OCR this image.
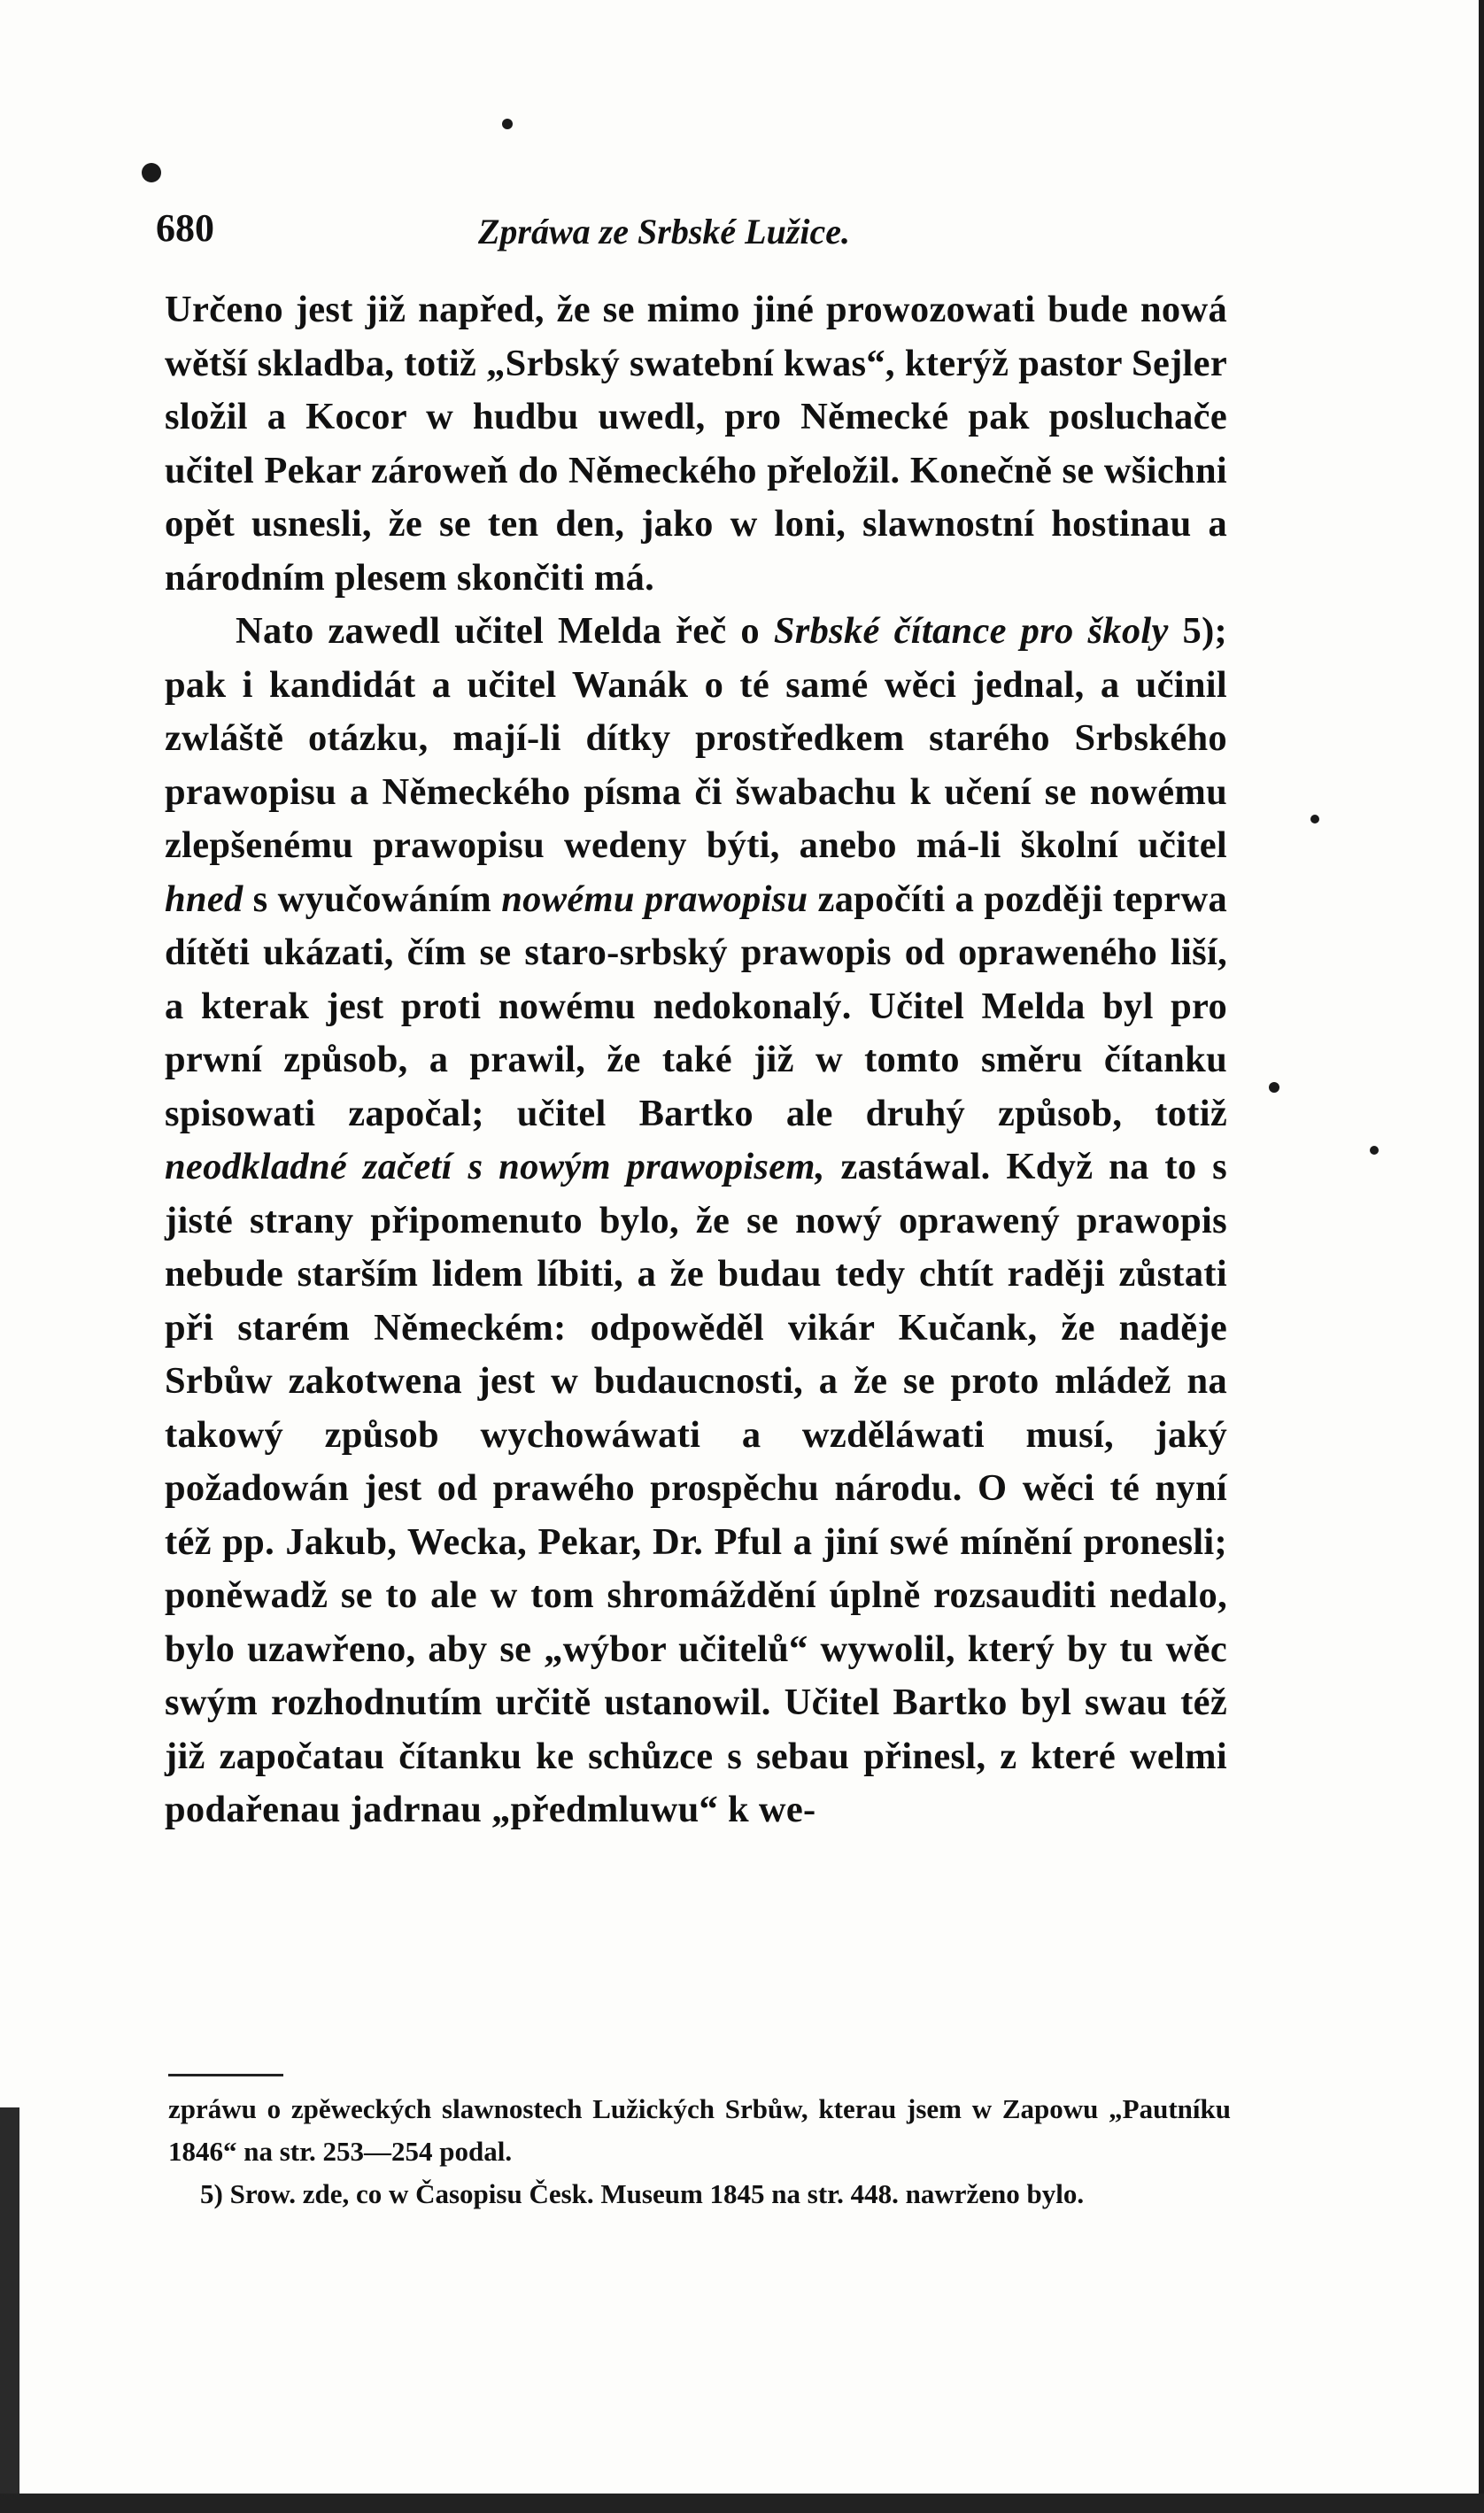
680	Zpráwa ze Srbské Lužice.

Určeno jest již napřed, že se mimo jiné prowozowati bude nowá wětší skladba, totiž „Srbský swatební kwas“, kterýž pastor Sejler složil a Kocor w hudbu uwedl, pro Německé pak posluchače učitel Pekar zároweň do Německého přeložil. Konečně se wšichni opět usnesli, že se ten den, jako w loni, slawnostní hostinau a národním plesem skončiti má.

Nato zawedl učitel Melda řeč o Srbské čítance pro školy 5); pak i kandidát a učitel Wanák o té samé wěci jednal, a učinil zwláště otázku, mají-li dítky prostředkem starého Srbského prawopisu a Německého písma či šwabachu k učení se nowému zlepšenému prawopisu wedeny býti, anebo má-li školní učitel hned s wyučowáním nowému prawopisu započíti a později teprwa dítěti ukázati, čím se staro-srbský prawopis od opraweného liší, a kterak jest proti nowému nedokonalý. Učitel Melda byl pro prwní způsob, a prawil, že také již w tomto směru čítanku spisowati započal; učitel Bartko ale druhý způsob, totiž neodkladné začetí s nowým prawopisem, zastáwal. Když na to s jisté strany připomenuto bylo, že se nowý oprawený prawopis nebude starším lidem líbiti, a že budau tedy chtít raději zůstati při starém Německém: odpowěděl vikár Kučank, že naděje Srbůw zakotwena jest w budaucnosti, a že se proto mládež na takowý způsob wychowáwati a wzděláwati musí, jaký požadowán jest od prawého prospěchu národu. O wěci té nyní též pp. Jakub, Wecka, Pekar, Dr. Pful a jiní swé mínění pronesli; poněwadž se to ale w tom shromáždění úplně rozsauditi nedalo, bylo uzawřeno, aby se „wýbor učitelů“ wywolil, který by tu wěc swým rozhodnutím určitě ustanowil. Učitel Bartko byl swau též již započatau čítanku ke schůzce s sebau přinesl, z které welmi podařenau jadrnau „předmluwu“ k we-

zpráwu o zpěweckých slawnostech Lužických Srbůw, kterau jsem w Zapowu „Pautníku 1846“ na str. 253—254 podal.

5) Srow. zde, co w Časopisu Česk. Museum 1845 na str. 448. nawrženo bylo.
